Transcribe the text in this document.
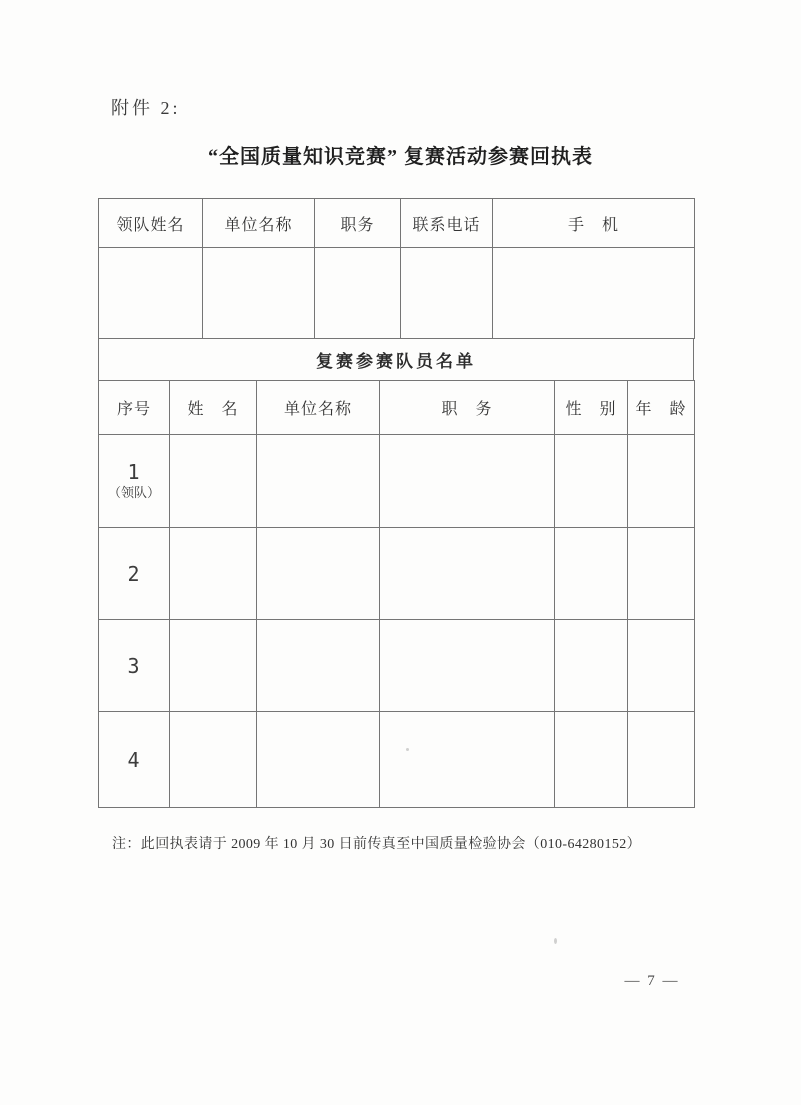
附件 2:
“全国质量知识竞赛” 复赛活动参赛回执表
领队姓名	单位名称	职务	联系电话	手　机

复赛参赛队员名单
序号	姓　名	单位名称	职　务	性　别	年　龄

1
（领队）					

2					

3					

4					

注：此回执表请于 2009 年 10 月 30 日前传真至中国质量检验协会（010-64280152）
— 7 —
